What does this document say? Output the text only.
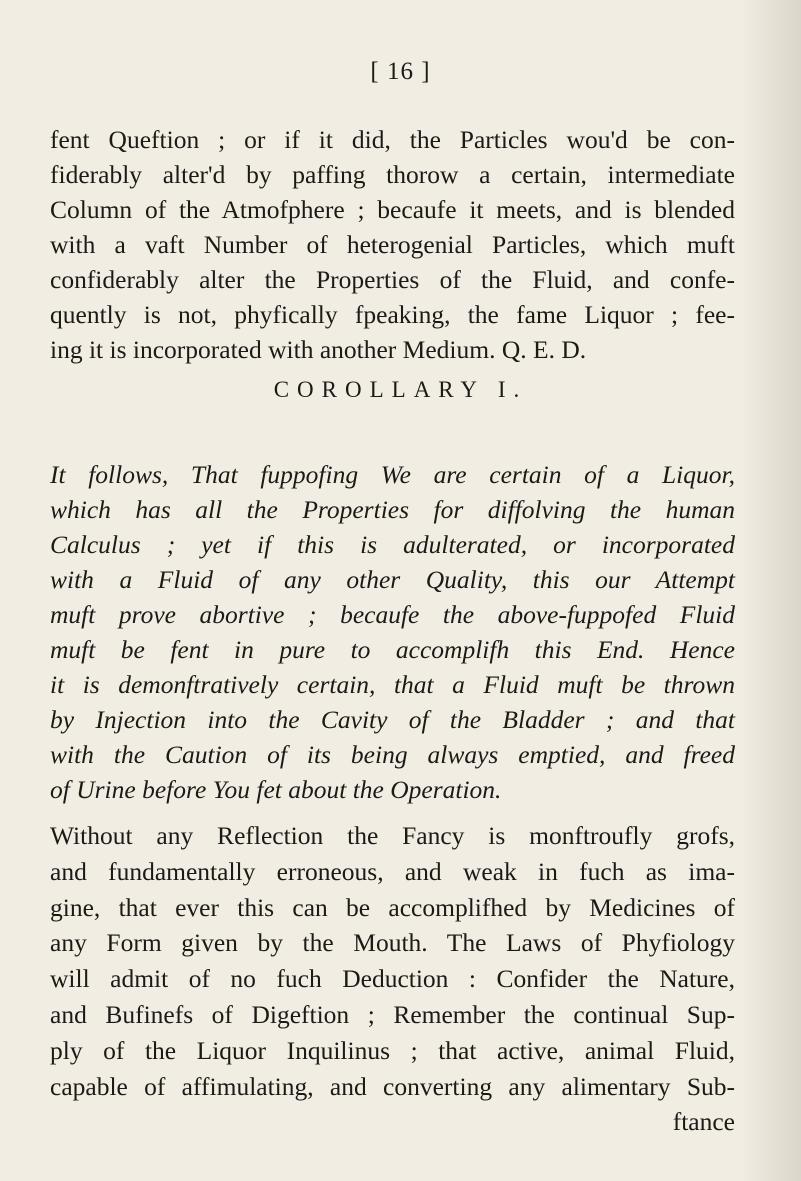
[ 16 ]
fent Queftion ; or if it did, the Particles wou'd be con-
fiderably alter'd by paffing thorow a certain, intermediate
Column of the Atmofphere ; becaufe it meets, and is blended
with a vaft Number of heterogenial Particles, which muft
confiderably alter the Properties of the Fluid, and confe-
quently is not, phyfically fpeaking, the fame Liquor ; fee-
ing it is incorporated with another Medium. Q. E. D.
COROLLARY I.
It follows, That fuppofing We are certain of a Liquor,
which has all the Properties for diffolving the human
Calculus ; yet if this is adulterated, or incorporated
with a Fluid of any other Quality, this our Attempt
muft prove abortive ; becaufe the above-fuppofed Fluid
muft be fent in pure to accomplifh this End. Hence
it is demonftratively certain, that a Fluid muft be thrown
by Injection into the Cavity of the Bladder ; and that
with the Caution of its being always emptied, and freed
of Urine before You fet about the Operation.
Without any Reflection the Fancy is monftroufly grofs,
and fundamentally erroneous, and weak in fuch as ima-
gine, that ever this can be accomplifhed by Medicines of
any Form given by the Mouth. The Laws of Phyfiology
will admit of no fuch Deduction : Confider the Nature,
and Bufinefs of Digeftion ; Remember the continual Sup-
ply of the Liquor Inquilinus ; that active, animal Fluid,
capable of affimulating, and converting any alimentary Sub-
ftance
